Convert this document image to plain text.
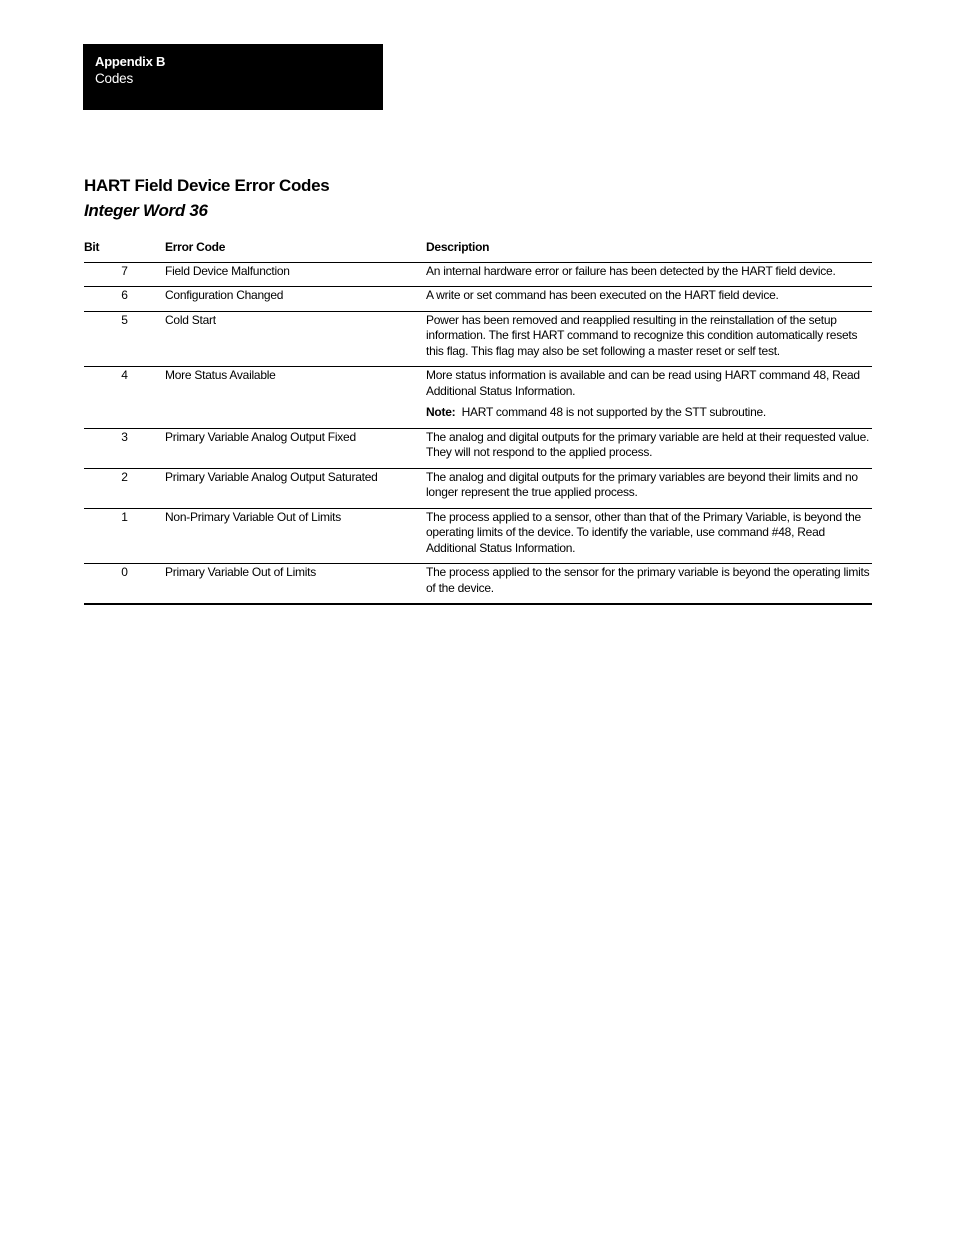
Appendix B
Codes
HART Field Device Error Codes
Integer Word 36
Bit	Error Code	Description
7	Field Device Malfunction	An internal hardware error or failure has been detected by the HART field device.
6	Configuration Changed	A write or set command has been executed on the HART field device.
5	Cold Start	Power has been removed and reapplied resulting in the reinstallation of the setup information. The first HART command to recognize this condition automatically resets this flag. This flag may also be set following a master reset or self test.
4	More Status Available	More status information is available and can be read using HART command 48, Read Additional Status Information.
Note: HART command 48 is not supported by the STT subroutine.

3	Primary Variable Analog Output Fixed	The analog and digital outputs for the primary variable are held at their requested value. They will not respond to the applied process.
2	Primary Variable Analog Output Saturated	The analog and digital outputs for the primary variables are beyond their limits and no longer represent the true applied process.
1	Non-Primary Variable Out of Limits	The process applied to a sensor, other than that of the Primary Variable, is beyond the operating limits of the device. To identify the variable, use command #48, Read Additional Status Information.
0	Primary Variable Out of Limits	The process applied to the sensor for the primary variable is beyond the operating limits of the device.
